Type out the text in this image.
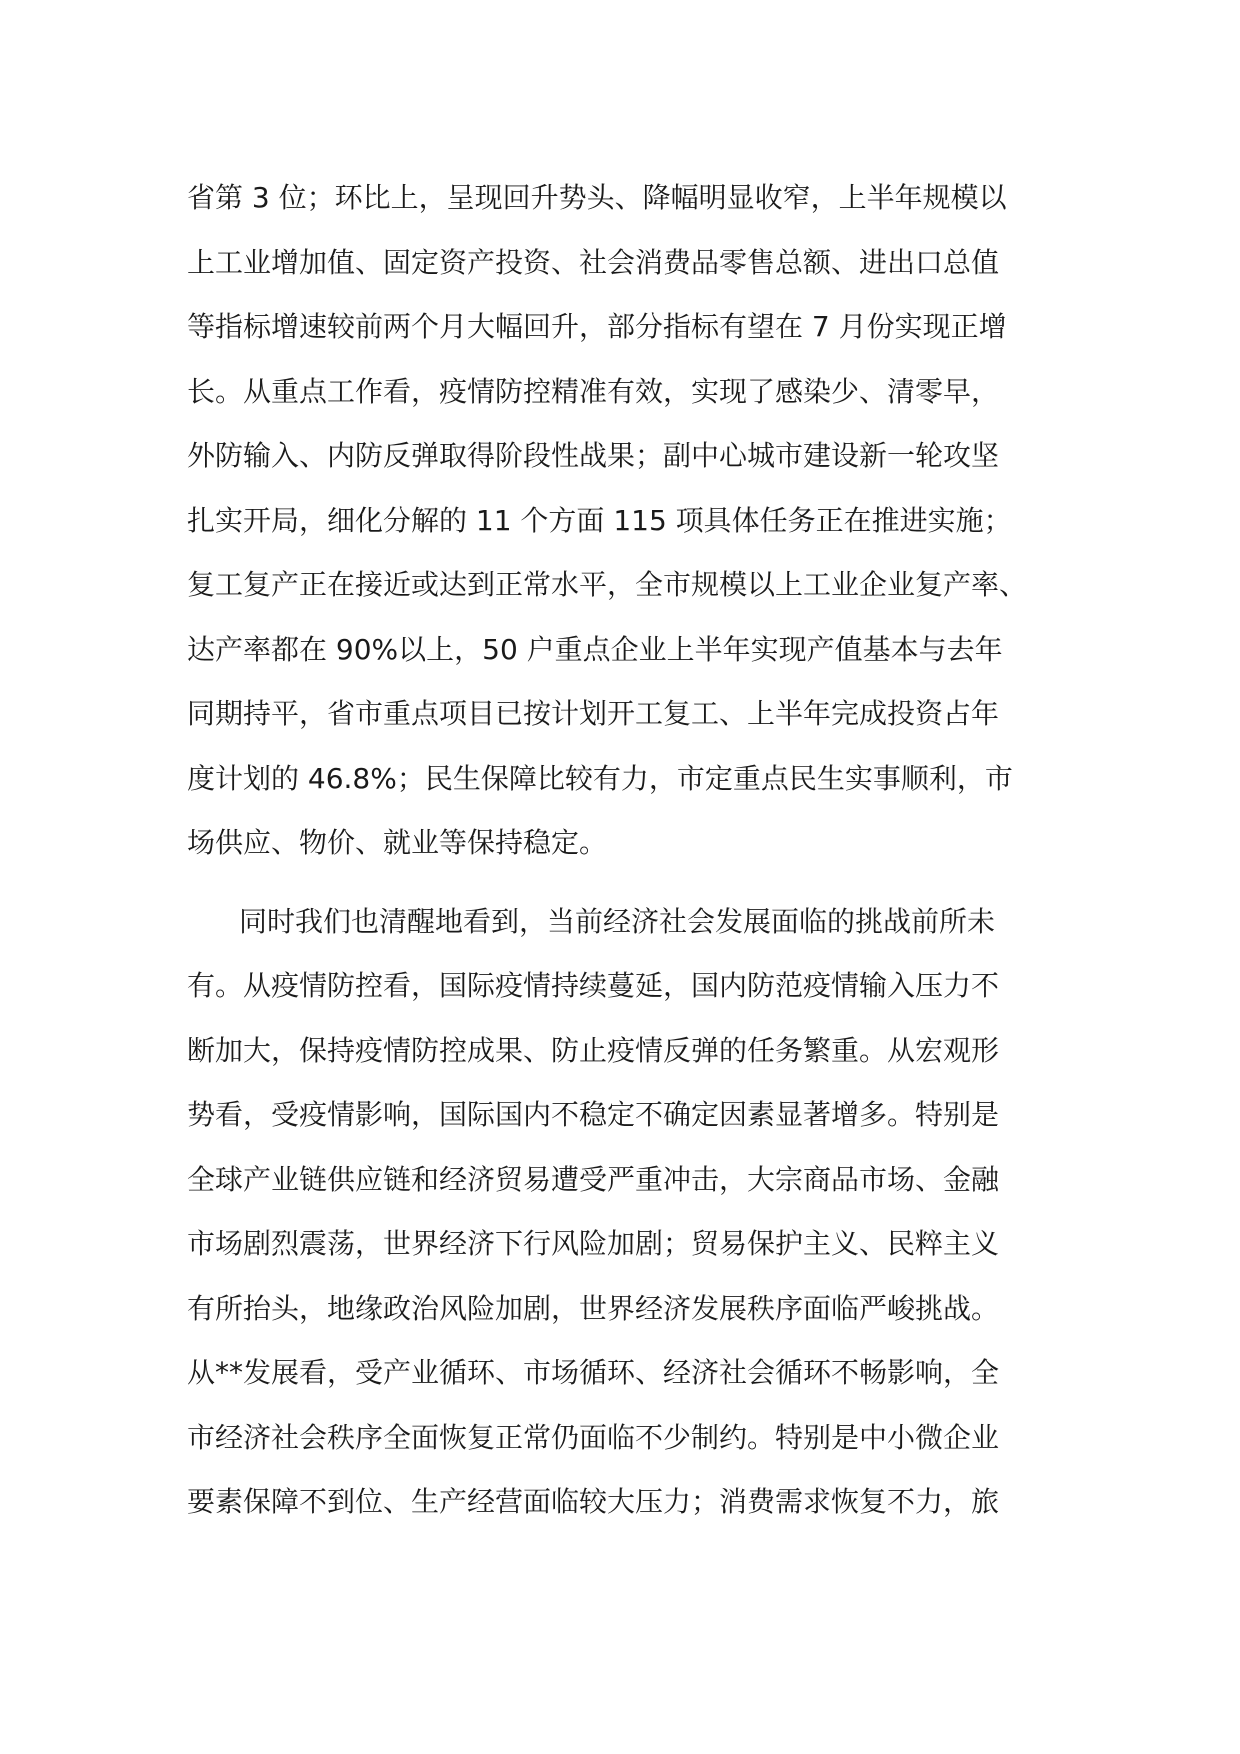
省第 3 位；环比上，呈现回升势头、降幅明显收窄，上半年规模以
上工业增加值、固定资产投资、社会消费品零售总额、进出口总值
等指标增速较前两个月大幅回升，部分指标有望在 7 月份实现正增
长。从重点工作看，疫情防控精准有效，实现了感染少、清零早，
外防输入、内防反弹取得阶段性战果；副中心城市建设新一轮攻坚
扎实开局，细化分解的 11 个方面 115 项具体任务正在推进实施；
复工复产正在接近或达到正常水平，全市规模以上工业企业复产率、
达产率都在 90%以上，50 户重点企业上半年实现产值基本与去年
同期持平，省市重点项目已按计划开工复工、上半年完成投资占年
度计划的 46.8%；民生保障比较有力，市定重点民生实事顺利，市
场供应、物价、就业等保持稳定。
同时我们也清醒地看到，当前经济社会发展面临的挑战前所未
有。从疫情防控看，国际疫情持续蔓延，国内防范疫情输入压力不
断加大，保持疫情防控成果、防止疫情反弹的任务繁重。从宏观形
势看，受疫情影响，国际国内不稳定不确定因素显著增多。特别是
全球产业链供应链和经济贸易遭受严重冲击，大宗商品市场、金融
市场剧烈震荡，世界经济下行风险加剧；贸易保护主义、民粹主义
有所抬头，地缘政治风险加剧，世界经济发展秩序面临严峻挑战。
从**发展看，受产业循环、市场循环、经济社会循环不畅影响，全
市经济社会秩序全面恢复正常仍面临不少制约。特别是中小微企业
要素保障不到位、生产经营面临较大压力；消费需求恢复不力，旅
